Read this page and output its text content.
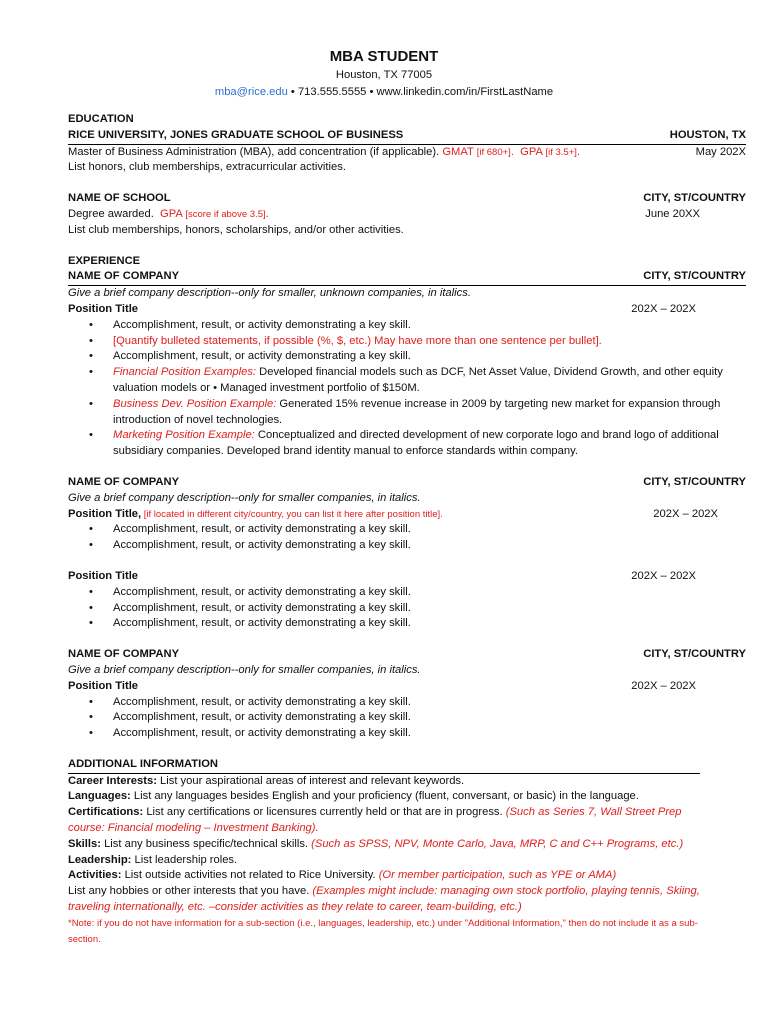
MBA STUDENT
Houston, TX 77005
mba@rice.edu • 713.555.5555 • www.linkedin.com/in/FirstLastName
EDUCATION
RICE UNIVERSITY, JONES GRADUATE SCHOOL OF BUSINESS	HOUSTON, TX
Master of Business Administration (MBA), add concentration (if applicable). GMAT [if 680+].  GPA [if 3.5+].	May 202X
List honors, club memberships, extracurricular activities.
NAME OF SCHOOL	CITY, ST/COUNTRY
Degree awarded. GPA [score if above 3.5].	June 20XX
List club memberships, honors, scholarships, and/or other activities.
EXPERIENCE
NAME OF COMPANY	CITY, ST/COUNTRY
Give a brief company description--only for smaller, unknown companies, in italics.
Position Title	202X – 202X
• Accomplishment, result, or activity demonstrating a key skill.
• [Quantify bulleted statements, if possible (%, $, etc.) May have more than one sentence per bullet].
• Accomplishment, result, or activity demonstrating a key skill.
• Financial Position Examples: Developed financial models such as DCF, Net Asset Value, Dividend Growth, and other equity valuation models or • Managed investment portfolio of $150M.
• Business Dev. Position Example: Generated 15% revenue increase in 2009 by targeting new market for expansion through introduction of novel technologies.
• Marketing Position Example: Conceptualized and directed development of new corporate logo and brand logo of additional subsidiary companies. Developed brand identity manual to enforce standards within company.
NAME OF COMPANY	CITY, ST/COUNTRY
Give a brief company description--only for smaller companies, in italics.
Position Title, [if located in different city/country, you can list it here after position title].	202X – 202X
• Accomplishment, result, or activity demonstrating a key skill.
• Accomplishment, result, or activity demonstrating a key skill.
Position Title	202X – 202X
• Accomplishment, result, or activity demonstrating a key skill.
• Accomplishment, result, or activity demonstrating a key skill.
• Accomplishment, result, or activity demonstrating a key skill.
NAME OF COMPANY	CITY, ST/COUNTRY
Give a brief company description--only for smaller companies, in italics.
Position Title	202X – 202X
• Accomplishment, result, or activity demonstrating a key skill.
• Accomplishment, result, or activity demonstrating a key skill.
• Accomplishment, result, or activity demonstrating a key skill.
ADDITIONAL INFORMATION
Career Interests: List your aspirational areas of interest and relevant keywords.
Languages: List any languages besides English and your proficiency (fluent, conversant, or basic) in the language.
Certifications: List any certifications or licensures currently held or that are in progress. (Such as Series 7, Wall Street Prep course: Financial modeling – Investment Banking).
Skills: List any business specific/technical skills. (Such as SPSS, NPV, Monte Carlo, Java, MRP, C and C++ Programs, etc.)
Leadership: List leadership roles.
Activities: List outside activities not related to Rice University. (Or member participation, such as YPE or AMA)
List any hobbies or other interests that you have. (Examples might include: managing own stock portfolio, playing tennis, Skiing, traveling internationally, etc. –consider activities as they relate to career, team-building, etc.)
*Note: if you do not have information for a sub-section (i.e., languages, leadership, etc.) under "Additional Information," then do not include it as a sub-section.
